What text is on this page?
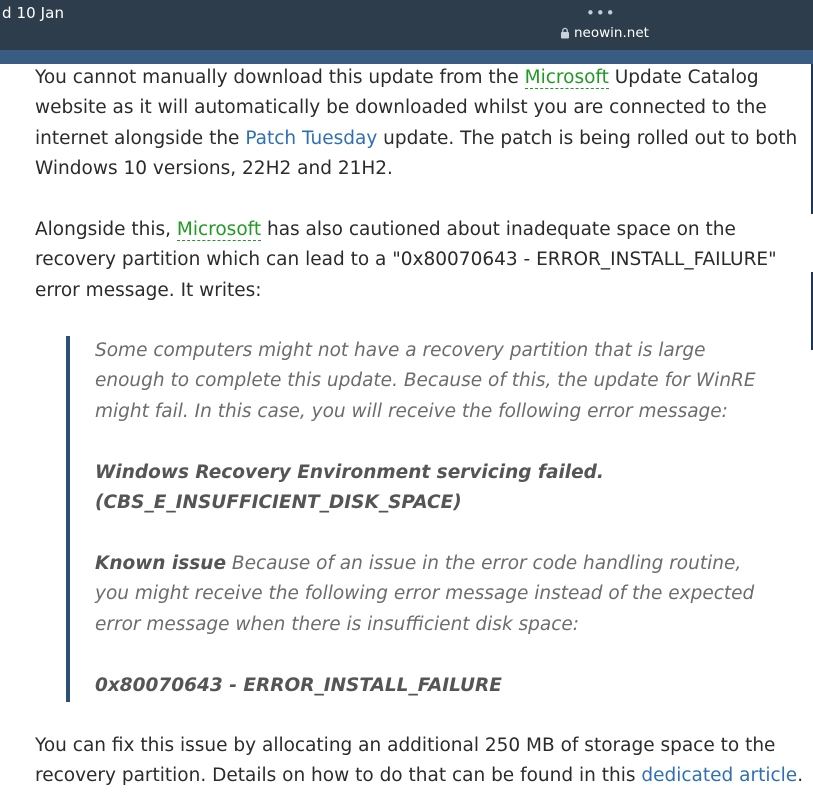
d 10 Jan	•••
neowin.net

You cannot manually download this update from the Microsoft Update Catalog website as it will automatically be downloaded whilst you are connected to the internet alongside the Patch Tuesday update. The patch is being rolled out to both Windows 10 versions, 22H2 and 21H2.

Alongside this, Microsoft has also cautioned about inadequate space on the recovery partition which can lead to a "0x80070643 - ERROR_INSTALL_FAILURE" error message. It writes:

You can fix this issue by allocating an additional 250 MB of storage space to the recovery partition. Details on how to do that can be found in this dedicated article.

Some computers might not have a recovery partition that is large enough to complete this update. Because of this, the update for WinRE might fail. In this case, you will receive the following error message:

Windows Recovery Environment servicing failed. (CBS_E_INSUFFICIENT_DISK_SPACE)

Known issue Because of an issue in the error code handling routine, you might receive the following error message instead of the expected error message when there is insufficient disk space:

0x80070643 - ERROR_INSTALL_FAILURE
